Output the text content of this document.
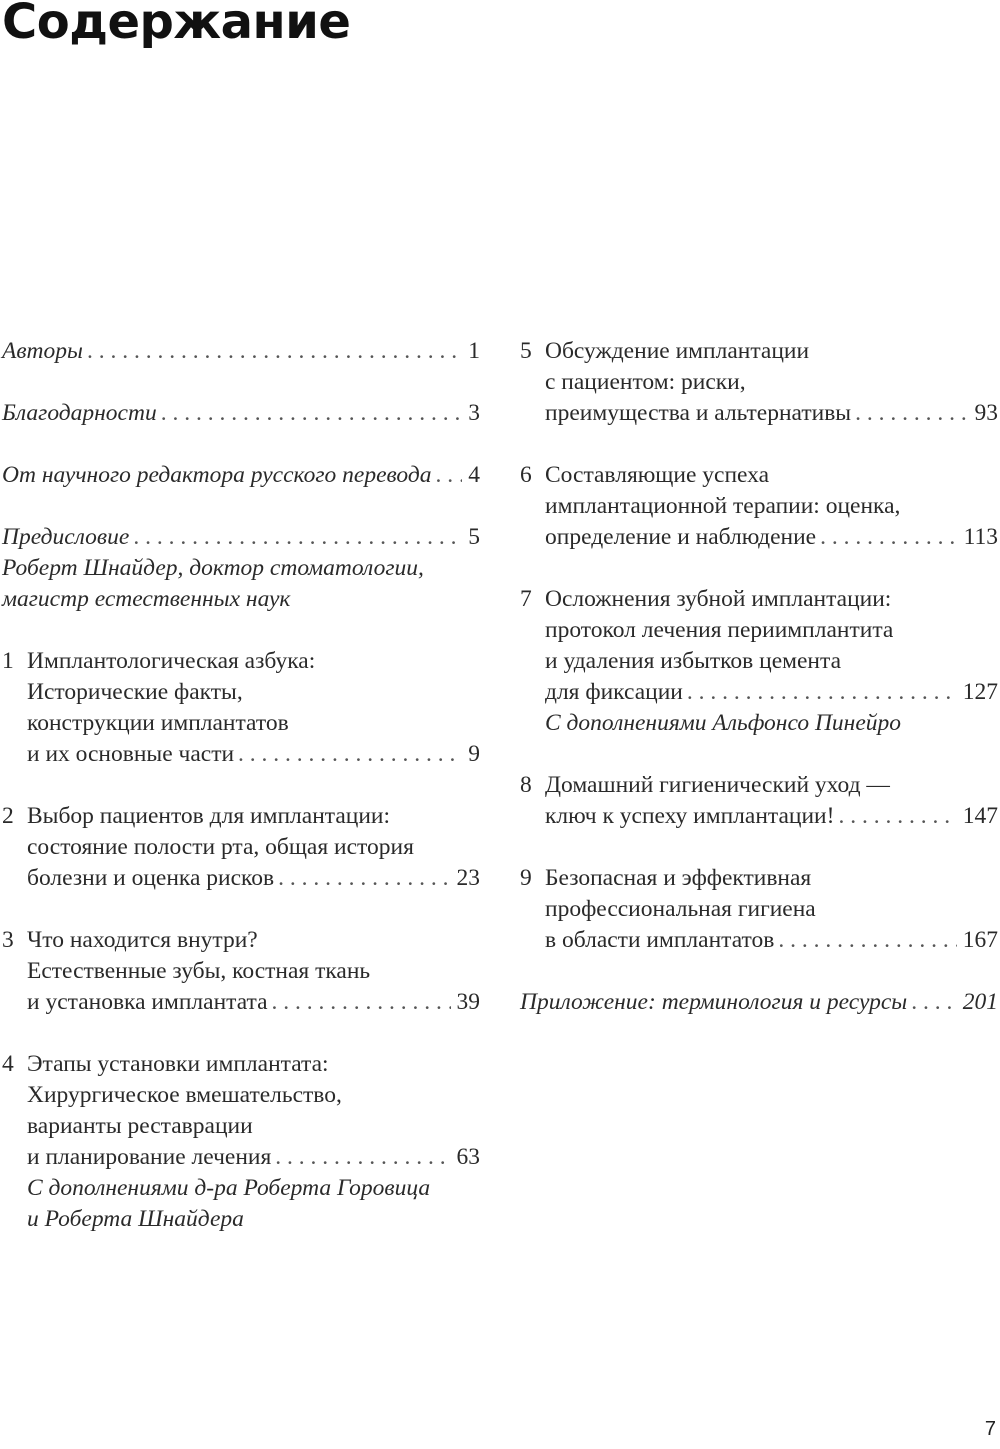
Содержание
Авторы . . .	1
Благодарности . . .	3
От научного редактора русского перевода . . . 4
Предисловие . . .	5
Роберт Шнайдер, доктор стоматологии,
магистр естественных наук
1 Имплантологическая азбука:
Исторические факты,
конструкции имплантатов
и их основные части . . .	9
2 Выбор пациентов для имплантации:
состояние полости рта, общая история
болезни и оценка рисков . . .	23
3 Что находится внутри?
Естественные зубы, костная ткань
и установка имплантата . . .	39
4 Этапы установки имплантата:
Хирургическое вмешательство,
варианты реставрации
и планирование лечения . . .	63
С дополнениями д-ра Роберта Горовица
и Роберта Шнайдера
5 Обсуждение имплантации
с пациентом: риски,
преимущества и альтернативы . . .	93
6 Составляющие успеха
имплантационной терапии: оценка,
определение и наблюдение . . .	113
7 Осложнения зубной имплантации:
протокол лечения периимплантита
и удаления избытков цемента
для фиксации . . .	127
С дополнениями Альфонсо Пинейро
8 Домашний гигиенический уход —
ключ к успеху имплантации! . . .	147
9 Безопасная и эффективная
профессиональная гигиена
в области имплантатов . . .	167
Приложение: терминология и ресурсы . . . 201
7
